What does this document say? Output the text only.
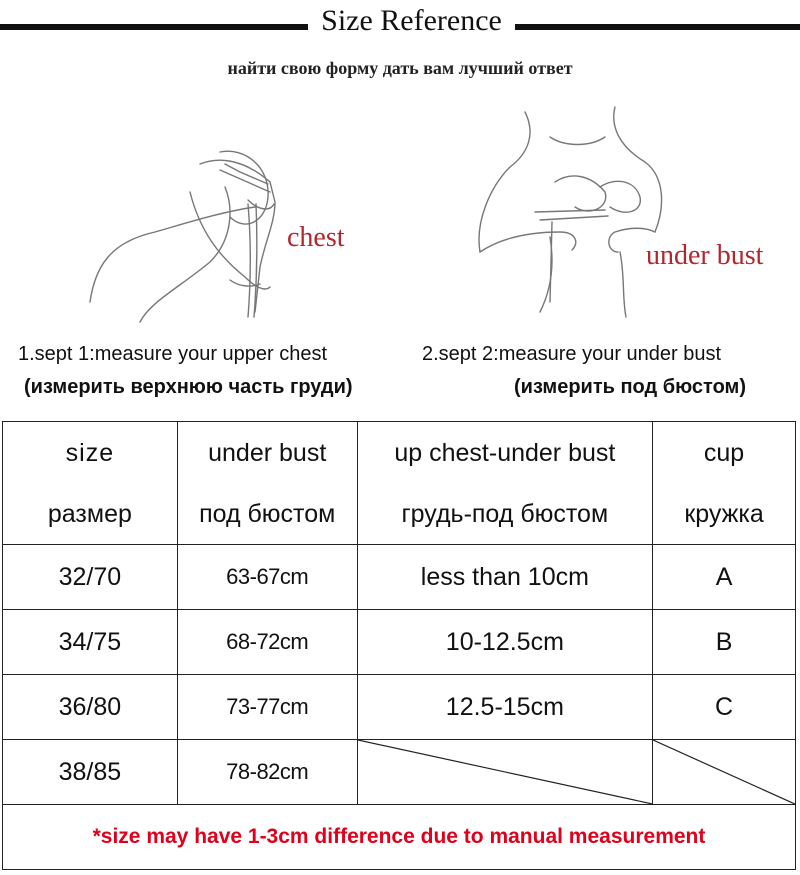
Size Reference
найти свою форму дать вам лучший ответ
chest
under bust
1.sept 1:measure your upper chest
(измерить верхнюю часть груди)
2.sept 2:measure your under bust
(измерить под бюстом)
size	under bust	up chest-under bust	cup
размер	под бюстом	грудь-под бюстом	кружка
32/70	63-67cm	less than 10cm	A
34/75	68-72cm	10-12.5cm	B
36/80	73-77cm	12.5-15cm	C
38/85	78-82cm	

*size may have 1-3cm difference due to manual measurement			
